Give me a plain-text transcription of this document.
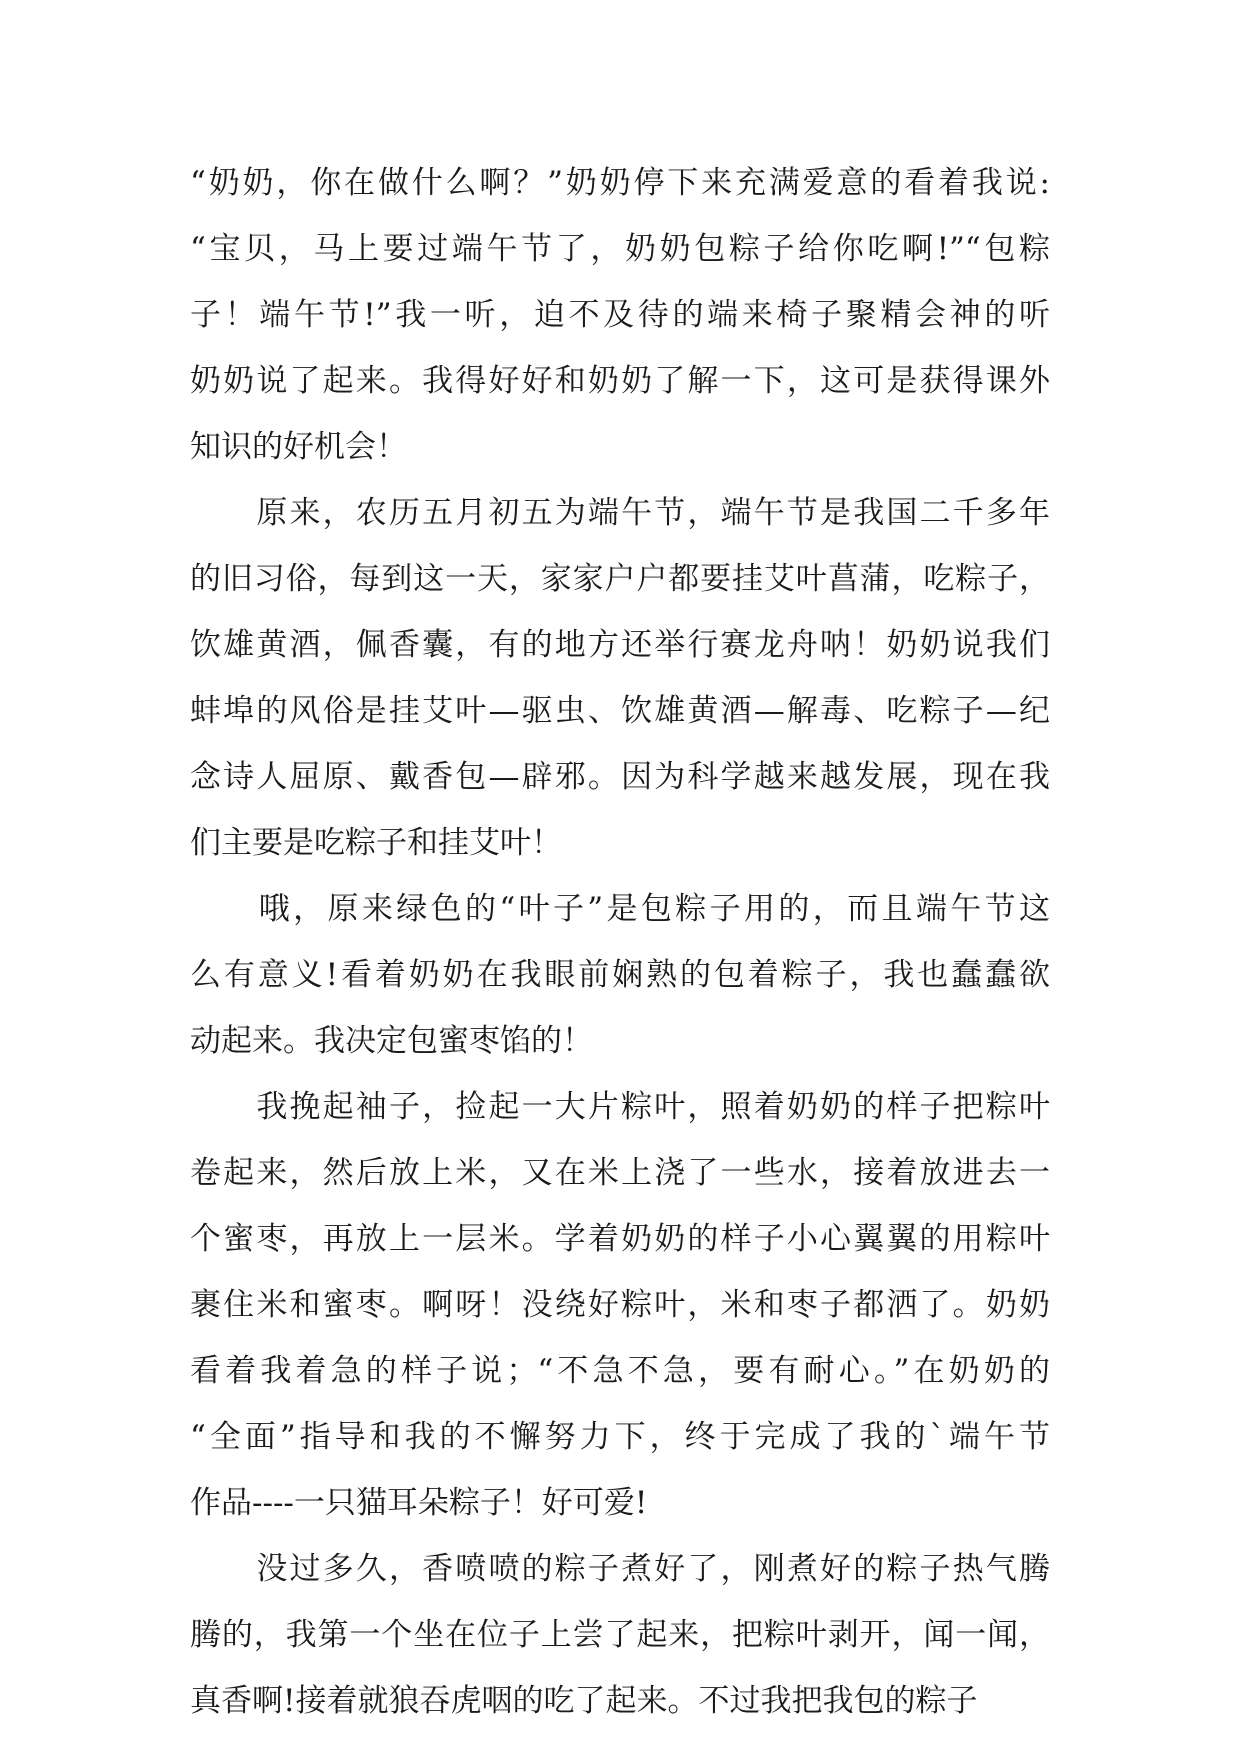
“奶奶，你在做什么啊？”奶奶停下来充满爱意的看着我说:
“宝贝，马上要过端午节了，奶奶包粽子给你吃啊!”“包粽
子！端午节!”我一听，迫不及待的端来椅子聚精会神的听
奶奶说了起来。我得好好和奶奶了解一下，这可是获得课外
知识的好机会！
　　原来，农历五月初五为端午节，端午节是我国二千多年
的旧习俗，每到这一天，家家户户都要挂艾叶菖蒲，吃粽子，
饮雄黄酒，佩香囊，有的地方还举行赛龙舟呐！奶奶说我们
蚌埠的风俗是挂艾叶—驱虫、饮雄黄酒—解毒、吃粽子—纪
念诗人屈原、戴香包—辟邪。因为科学越来越发展，现在我
们主要是吃粽子和挂艾叶！
　　哦，原来绿色的“叶子”是包粽子用的，而且端午节这
么有意义!看着奶奶在我眼前娴熟的包着粽子，我也蠢蠢欲
动起来。我决定包蜜枣馅的！
　　我挽起袖子，捡起一大片粽叶，照着奶奶的样子把粽叶
卷起来，然后放上米，又在米上浇了一些水，接着放进去一
个蜜枣，再放上一层米。学着奶奶的样子小心翼翼的用粽叶
裹住米和蜜枣。啊呀！没绕好粽叶，米和枣子都洒了。奶奶
看着我着急的样子说；“不急不急，要有耐心。”在奶奶的
“全面”指导和我的不懈努力下，终于完成了我的`端午节
作品----一只猫耳朵粽子！好可爱!
　　没过多久，香喷喷的粽子煮好了，刚煮好的粽子热气腾
腾的，我第一个坐在位子上尝了起来，把粽叶剥开，闻一闻，
真香啊!接着就狼吞虎咽的吃了起来。不过我把我包的粽子
